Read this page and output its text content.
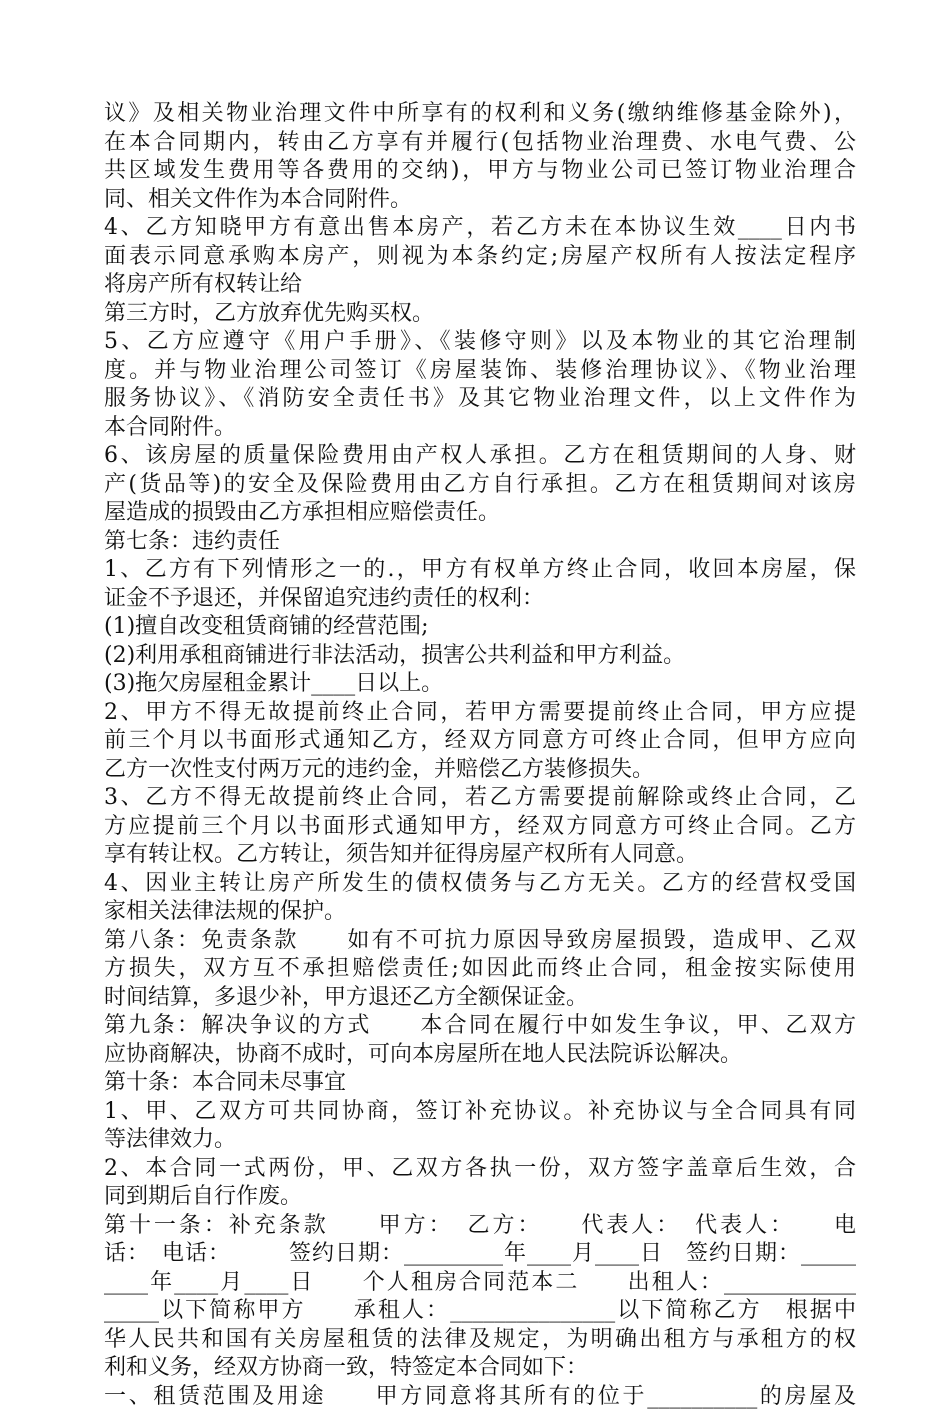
议》及相关物业治理文件中所享有的权利和义务(缴纳维修基金除外)，
在本合同期内，转由乙方享有并履行(包括物业治理费、水电气费、公
共区域发生费用等各费用的交纳)，甲方与物业公司已签订物业治理合
同、相关文件作为本合同附件。
4、乙方知晓甲方有意出售本房产，若乙方未在本协议生效____日内书
面表示同意承购本房产，则视为本条约定;房屋产权所有人按法定程序
将房产所有权转让给
第三方时，乙方放弃优先购买权。
5、乙方应遵守《用户手册》、《装修守则》以及本物业的其它治理制
度。并与物业治理公司签订《房屋装饰、装修治理协议》、《物业治理
服务协议》、《消防安全责任书》及其它物业治理文件，以上文件作为
本合同附件。
6、该房屋的质量保险费用由产权人承担。乙方在租赁期间的人身、财
产(货品等)的安全及保险费用由乙方自行承担。乙方在租赁期间对该房
屋造成的损毁由乙方承担相应赔偿责任。
第七条：违约责任
1、乙方有下列情形之一的.，甲方有权单方终止合同，收回本房屋，保
证金不予退还，并保留追究违约责任的权利：
(1)擅自改变租赁商铺的经营范围;
(2)利用承租商铺进行非法活动，损害公共利益和甲方利益。
(3)拖欠房屋租金累计____日以上。
2、甲方不得无故提前终止合同，若甲方需要提前终止合同，甲方应提
前三个月以书面形式通知乙方，经双方同意方可终止合同，但甲方应向
乙方一次性支付两万元的违约金，并赔偿乙方装修损失。
3、乙方不得无故提前终止合同，若乙方需要提前解除或终止合同，乙
方应提前三个月以书面形式通知甲方，经双方同意方可终止合同。乙方
享有转让权。乙方转让，须告知并征得房屋产权所有人同意。
4、因业主转让房产所发生的债权债务与乙方无关。乙方的经营权受国
家相关法律法规的保护。
第八条：免责条款　　如有不可抗力原因导致房屋损毁，造成甲、乙双
方损失，双方互不承担赔偿责任;如因此而终止合同，租金按实际使用
时间结算，多退少补，甲方退还乙方全额保证金。
第九条：解决争议的方式　　本合同在履行中如发生争议，甲、乙双方
应协商解决，协商不成时，可向本房屋所在地人民法院诉讼解决。
第十条：本合同未尽事宜
1、甲、乙双方可共同协商，签订补充协议。补充协议与全合同具有同
等法律效力。
2、本合同一式两份，甲、乙双方各执一份，双方签字盖章后生效，合
同到期后自行作废。
第十一条：补充条款　　甲方：　乙方：　　代表人：　代表人：　　电
话：　电话：　　　签约日期：_________年____月____日　签约日期：_____
____年____月____日　　个人租房合同范本二　　出租人：____________
_____以下简称甲方　　承租人：_______________以下简称乙方　根据中
华人民共和国有关房屋租赁的法律及规定，为明确出租方与承租方的权
利和义务，经双方协商一致，特签定本合同如下：
一、租赁范围及用途　　甲方同意将其所有的位于__________的房屋及
